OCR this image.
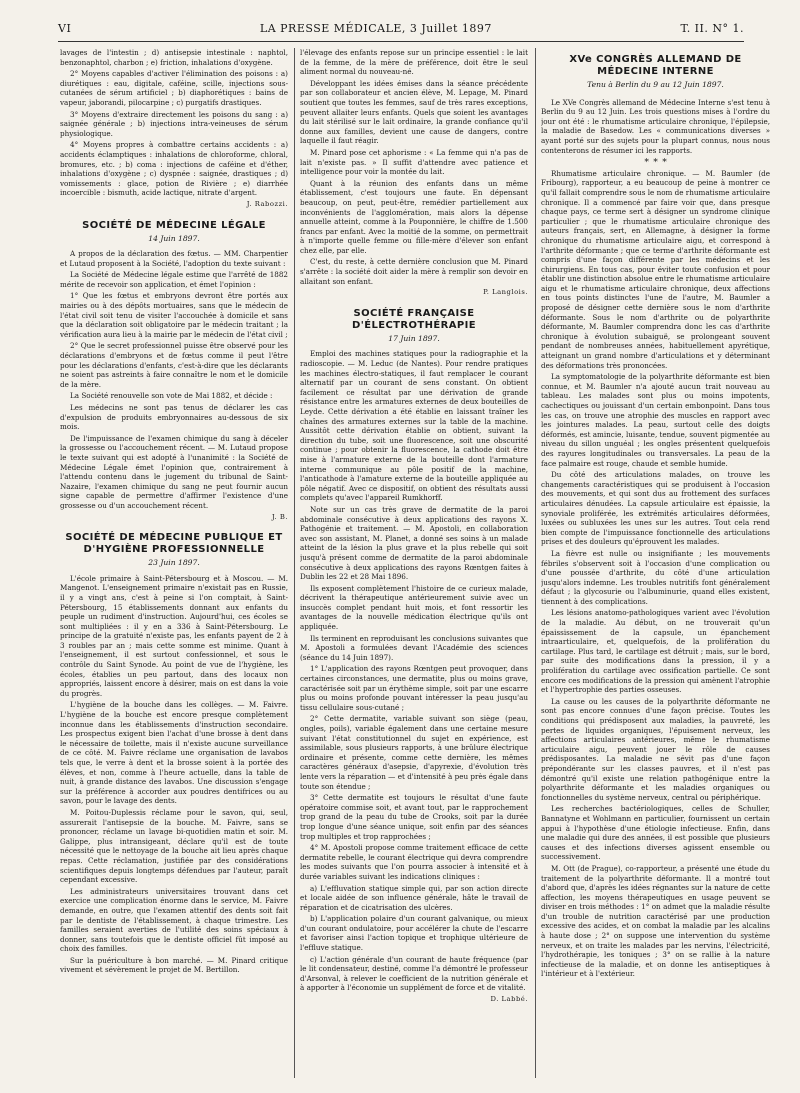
VI	LA PRESSE MÉDICALE, 3 Juillet 1897	T. II. N° 1.

lavages de l'intestin ; d) antisepsie intestinale : naphtol, benzonaphtol, charbon ; e) friction, inhalations d'oxygène.

2° Moyens capables d'activer l'élimination des poisons : a) diurétiques : eau, digitale, caféine, scille, injections sous-cutanées de sérum artificiel ; b) diaphorétiques : bains de vapeur, jaborandi, pilocarpine ; c) purgatifs drastiques.

3° Moyens d'extraire directement les poisons du sang : a) saignée générale ; b) injections intra-veineuses de sérum physiologique.

4° Moyens propres à combattre certains accidents : a) accidents éclamptiques : inhalations de chloroforme, chloral, bromures, etc. ; b) coma : injections de caféine et d'éther, inhalations d'oxygène ; c) dyspnée : saignée, drastiques ; d) vomissements : glace, potion de Rivière ; e) diarrhée incoercible : bismuth, acide lactique, nitrate d'argent.

J. Rabozzi.
SOCIÉTÉ DE MÉDECINE LÉGALE
14 Juin 1897.

A propos de la déclaration des fœtus. — MM. Charpentier et Lutaud proposent à la Société, l'adoption du texte suivant :

La Société de Médecine légale estime que l'arrêté de 1882 mérite de recevoir son application, et émet l'opinion :

1° Que les fœtus et embryons devront être portés aux mairies ou à des dépôts mortuaires, sans que le médecin de l'état civil soit tenu de visiter l'accouchée à domicile et sans que la déclaration soit obligatoire par le médecin traitant ; la vérification aura lieu à la mairie par le médecin de l'état civil ;

2° Que le secret professionnel puisse être observé pour les déclarations d'embryons et de fœtus comme il peut l'être pour les déclarations d'enfants, c'est-à-dire que les déclarants ne soient pas astreints à faire connaître le nom et le domicile de la mère.

La Société renouvelle son vote de Mai 1882, et décide :

Les médecins ne sont pas tenus de déclarer les cas d'expulsion de produits embryonnaires au-dessous de six mois.

De l'impuissance de l'examen chimique du sang à déceler la grossesse ou l'accouchement récent. — M. Lutaud propose le texte suivant qui est adopté à l'unanimité : la Société de Médecine Légale émet l'opinion que, contrairement à l'attendu contenu dans le jugement du tribunal de Saint-Nazaire, l'examen chimique du sang ne peut fournir aucun signe capable de permettre d'affirmer l'existence d'une grossesse ou d'un accouchement récent.

J. B.
SOCIÉTÉ DE MÉDECINE PUBLIQUE ET D'HYGIÈNE PROFESSIONNELLE
23 Juin 1897.

L'école primaire à Saint-Pétersbourg et à Moscou. — M. Mangenot. L'enseignement primaire n'existait pas en Russie, il y a vingt ans, c'est à peine si l'on comptait, à Saint-Pétersbourg, 15 établissements donnant aux enfants du peuple un rudiment d'instruction. Aujourd'hui, ces écoles se sont multipliées : il y en a 336 à Saint-Pétersbourg. Le principe de la gratuité n'existe pas, les enfants payent de 2 à 3 roubles par an ; mais cette somme est minime. Quant à l'enseignement, il est surtout confessionnel, et sous le contrôle du Saint Synode. Au point de vue de l'hygiène, les écoles, établies un peu partout, dans des locaux non appropriés, laissent encore à désirer, mais on est dans la voie du progrès.

L'hygiène de la bouche dans les collèges. — M. Faivre. L'hygiène de la bouche est encore presque complètement inconnue dans les établissements d'instruction secondaire. Les prospectus exigent bien l'achat d'une brosse à dent dans le nécessaire de toilette, mais il n'existe aucune surveillance de ce côté. M. Faivre réclame une organisation de lavabos tels que, le verre à dent et la brosse soient à la portée des élèves, et non, comme à l'heure actuelle, dans la table de nuit, à grande distance des lavabos. Une discussion s'engage sur la préférence à accorder aux poudres dentifrices ou au savon, pour le lavage des dents.

M. Poitou-Duplessis réclame pour le savon, qui, seul, assurerait l'antisepsie de la bouche. M. Faivre, sans se prononcer, réclame un lavage bi-quotidien matin et soir. M. Galippe, plus intransigeant, déclare qu'il est de toute nécessité que le nettoyage de la bouche ait lieu après chaque repas. Cette réclamation, justifiée par des considérations scientifiques depuis longtemps défendues par l'auteur, paraît cependant excessive.

Les administrateurs universitaires trouvant dans cet exercice une complication énorme dans le service, M. Faivre demande, en outre, que l'examen attentif des dents soit fait par le dentiste de l'établissement, à chaque trimestre. Les familles seraient averties de l'utilité des soins spéciaux à donner, sans toutefois que le dentiste officiel fût imposé au choix des familles.

Sur la puériculture à bon marché. — M. Pinard critique vivement et sévèrement le projet de M. Bertillon.

l'élevage des enfants repose sur un principe essentiel : le lait de la femme, de la mère de préférence, doit être le seul aliment normal du nouveau-né.

Développant les idées émises dans la séance précédente par son collaborateur et ancien élève, M. Lepage, M. Pinard soutient que toutes les femmes, sauf de très rares exceptions, peuvent allaiter leurs enfants. Quels que soient les avantages du lait stérilisé sur le lait ordinaire, la grande confiance qu'il donne aux familles, devient une cause de dangers, contre laquelle il faut réagir.

M. Pinard pose cet aphorisme : « La femme qui n'a pas de lait n'existe pas. » Il suffit d'attendre avec patience et intelligence pour voir la montée du lait.

Quant à la réunion des enfants dans un même établissement, c'est toujours une faute. En dépensant beaucoup, on peut, peut-être, remédier partiellement aux inconvénients de l'agglomération, mais alors la dépense annuelle atteint, comme à la Pouponnière, le chiffre de 1.500 francs par enfant. Avec la moitié de la somme, on permettrait à n'importe quelle femme ou fille-mère d'élever son enfant chez elle, par elle.

C'est, du reste, à cette dernière conclusion que M. Pinard s'arrête : la société doit aider la mère à remplir son devoir en allaitant son enfant.

P. Langlois.
SOCIÉTÉ FRANÇAISE D'ÉLECTROTHÉRAPIE
17 Juin 1897.

Emploi des machines statiques pour la radiographie et la radioscopie. — M. Leduc (de Nantes). Pour rendre pratiques les machines électro-statiques, il faut remplacer le courant alternatif par un courant de sens constant. On obtient facilement ce résultat par une dérivation de grande résistance entre les armatures externes de deux bouteilles de Leyde. Cette dérivation a été établie en laissant traîner les chaînes des armatures externes sur la table de la machine. Aussitôt cette dérivation établie on obtient, suivant la direction du tube, soit une fluorescence, soit une obscurité continue ; pour obtenir la fluorescence, la cathode doit être mise à l'armature externe de la bouteille dont l'armature interne communique au pôle positif de la machine, l'anticathode à l'amature externe de la bouteille appliquée au pôle négatif. Avec ce dispositif, on obtient des résultats aussi complets qu'avec l'appareil Rumkhorff.

Note sur un cas très grave de dermatite de la paroi abdominale consécutive à deux applications des rayons X. Pathogénie et traitement. — M. Apostoli, en collaboration avec son assistant, M. Planet, a donné ses soins à un malade atteint de la lésion la plus grave et la plus rebelle qui soit jusqu'à présent comme de dermatite de la paroi abdominale consécutive à deux applications des rayons Rœntgen faites à Dublin les 22 et 28 Mai 1896.

Ils exposent complètement l'histoire de ce curieux malade, décrivent la thérapeutique antérieurement suivie avec un insuccès complet pendant huit mois, et font ressortir les avantages de la nouvelle médication électrique qu'ils ont appliquée.

Ils terminent en reproduisant les conclusions suivantes que M. Apostoli a formulées devant l'Académie des sciences (séance du 14 Juin 1897).

1° L'application des rayons Rœntgen peut provoquer, dans certaines circonstances, une dermatite, plus ou moins grave, caractérisée soit par un érythème simple, soit par une escarre plus ou moins profonde pouvant intéresser la peau jusqu'au tissu cellulaire sous-cutané ;

2° Cette dermatite, variable suivant son siège (peau, ongles, poils), variable également dans une certaine mesure suivant l'état constitutionnel du sujet en expérience, est assimilable, sous plusieurs rapports, à une brûlure électrique ordinaire et présente, comme cette dernière, les mêmes caractères généraux d'asepsie, d'apyrexie, d'évolution très lente vers la réparation — et d'intensité à peu près égale dans toute son étendue ;

3° Cette dermatite est toujours le résultat d'une faute opératoire commise soit, et avant tout, par le rapprochement trop grand de la peau du tube de Crooks, soit par la durée trop longue d'une séance unique, soit enfin par des séances trop multiples et trop rapprochées ;

4° M. Apostoli propose comme traitement efficace de cette dermatite rebelle, le courant électrique qui devra comprendre les modes suivants que l'on pourra associer à intensité et à durée variables suivant les indications cliniques :

a) L'effluvation statique simple qui, par son action directe et locale aidée de son influence générale, hâte le travail de réparation et de cicatrisation des ulcères.

b) L'application polaire d'un courant galvanique, ou mieux d'un courant ondulatoire, pour accélérer la chute de l'escarre et favoriser ainsi l'action topique et trophique ultérieure de l'effluve statique.

c) L'action générale d'un courant de haute fréquence (par le lit condensateur, destiné, comme l'a démontré le professeur d'Arsonval, à relever le coefficient de la nutrition générale et à apporter à l'économie un supplément de force et de vitalité.

D. Labbé.
XVe CONGRÈS ALLEMAND DE MÉDECINE INTERNE
Tenu à Berlin du 9 au 12 Juin 1897.

Le XVe Congrès allemand de Médecine Interne s'est tenu à Berlin du 9 au 12 Juin. Les trois questions mises à l'ordre du jour ont été : le rhumatisme articulaire chronique, l'épilepsie, la maladie de Basedow. Les « communications diverses » ayant porté sur des sujets pour la plupart connus, nous nous contenterons de résumer ici les rapports.

∗ ∗ ∗

Rhumatisme articulaire chronique. — M. Baumler (de Fribourg), rapporteur, a eu beaucoup de peine à montrer ce qu'il fallait comprendre sous le nom de rhumatisme articulaire chronique. Il a commencé par faire voir que, dans presque chaque pays, ce terme sert à désigner un syndrome clinique particulier ; que le rhumatisme articulaire chronique des auteurs français, sert, en Allemagne, à désigner la forme chronique du rhumatisme articulaire aigu, et correspond à l'arthrite déformante ; que ce terme d'arthrite déformante est compris d'une façon différente par les médecins et les chirurgiens. En tous cas, pour éviter toute confusion et pour établir une distinction absolue entre le rhumatisme articulaire aigu et le rhumatisme articulaire chronique, deux affections en tous points distinctes l'une de l'autre, M. Baumler a proposé de désigner cette dernière sous le nom d'arthrite déformante. Sous le nom d'arthrite ou de polyarthrite déformante, M. Baumler comprendra donc les cas d'arthrite chronique à évolution subaiguë, se prolongeant souvent pendant de nombreuses années, habituellement apyrétique, atteignant un grand nombre d'articulations et y déterminant des déformations très prononcées.

La symptomatologie de la polyarthrite déformante est bien connue, et M. Baumler n'a ajouté aucun trait nouveau au tableau. Les malades sont plus ou moins impotents, cachectiques ou jouissant d'un certain embonpoint. Dans tous les cas, on trouve une atrophie des muscles en rapport avec les jointures malades. La peau, surtout celle des doigts déformés, est amincie, luisante, tendue, souvent pigmentée au niveau du sillon unguéal ; les ongles présentent quelquefois des rayures longitudinales ou transversales. La peau de la face palmaire est rouge, chaude et semble humide.

Du côté des articulations malades, on trouve les changements caractéristiques qui se produisent à l'occasion des mouvements, et qui sont dus au frottement des surfaces articulaires dénudées. La capsule articulaire est épaissie, la synoviale proliférée, les extrémités articulaires déformées, luxées ou subluxées les unes sur les autres. Tout cela rend bien compte de l'impuissance fonctionnelle des articulations prises et des douleurs qu'éprouvent les malades.

La fièvre est nulle ou insignifiante ; les mouvements fébriles s'observent soit à l'occasion d'une complication ou d'une poussée d'arthrite, du côté d'une articulation jusqu'alors indemne. Les troubles nutritifs font généralement défaut ; la glycosurie ou l'albuminurie, quand elles existent, tiennent à des complications.

Les lésions anatomo-pathologiques varient avec l'évolution de la maladie. Au début, on ne trouverait qu'un épaississement de la capsule, un épanchement intraarticulaire, et, quelquefois, de la prolifération du cartilage. Plus tard, le cartilage est détruit ; mais, sur le bord, par suite des modifications dans la pression, il y a prolifération du cartilage avec ossification partielle. Ce sont encore ces modifications de la pression qui amènent l'atrophie et l'hypertrophie des parties osseuses.

La cause ou les causes de la polyarthrite déformante ne sont pas encore connues d'une façon précise. Toutes les conditions qui prédisposent aux maladies, la pauvreté, les pertes de liquides organiques, l'épuisement nerveux, les affections articulaires antérieures, même le rhumatisme articulaire aigu, peuvent jouer le rôle de causes prédisposantes. La maladie ne sévit pas d'une façon prépondérante sur les classes pauvres, et il n'est pas démontré qu'il existe une relation pathogénique entre la polyarthrite déformante et les maladies organiques ou fonctionnelles du système nerveux, central ou périphérique.

Les recherches bactériologiques, celles de Schuller, Bannatyne et Wohlmann en particulier, fournissent un certain appui à l'hypothèse d'une étiologie infectieuse. Enfin, dans une maladie qui dure des années, il est possible que plusieurs causes et des infections diverses agissent ensemble ou successivement.

M. Ott (de Prague), co-rapporteur, a présenté une étude du traitement de la polyarthrite déformante. Il a montré tout d'abord que, d'après les idées régnantes sur la nature de cette affection, les moyens thérapeutiques en usage peuvent se diviser en trois méthodes : 1° on admet que la maladie résulte d'un trouble de nutrition caractérisé par une production excessive des acides, et on combat la maladie par les alcalins à haute dose ; 2° on suppose une intervention du système nerveux, et on traite les malades par les nervins, l'électricité, l'hydrothérapie, les toniques ; 3° on se rallie à la nature infectieuse de la maladie, et on donne les antiseptiques à l'intérieur et à l'extérieur.
